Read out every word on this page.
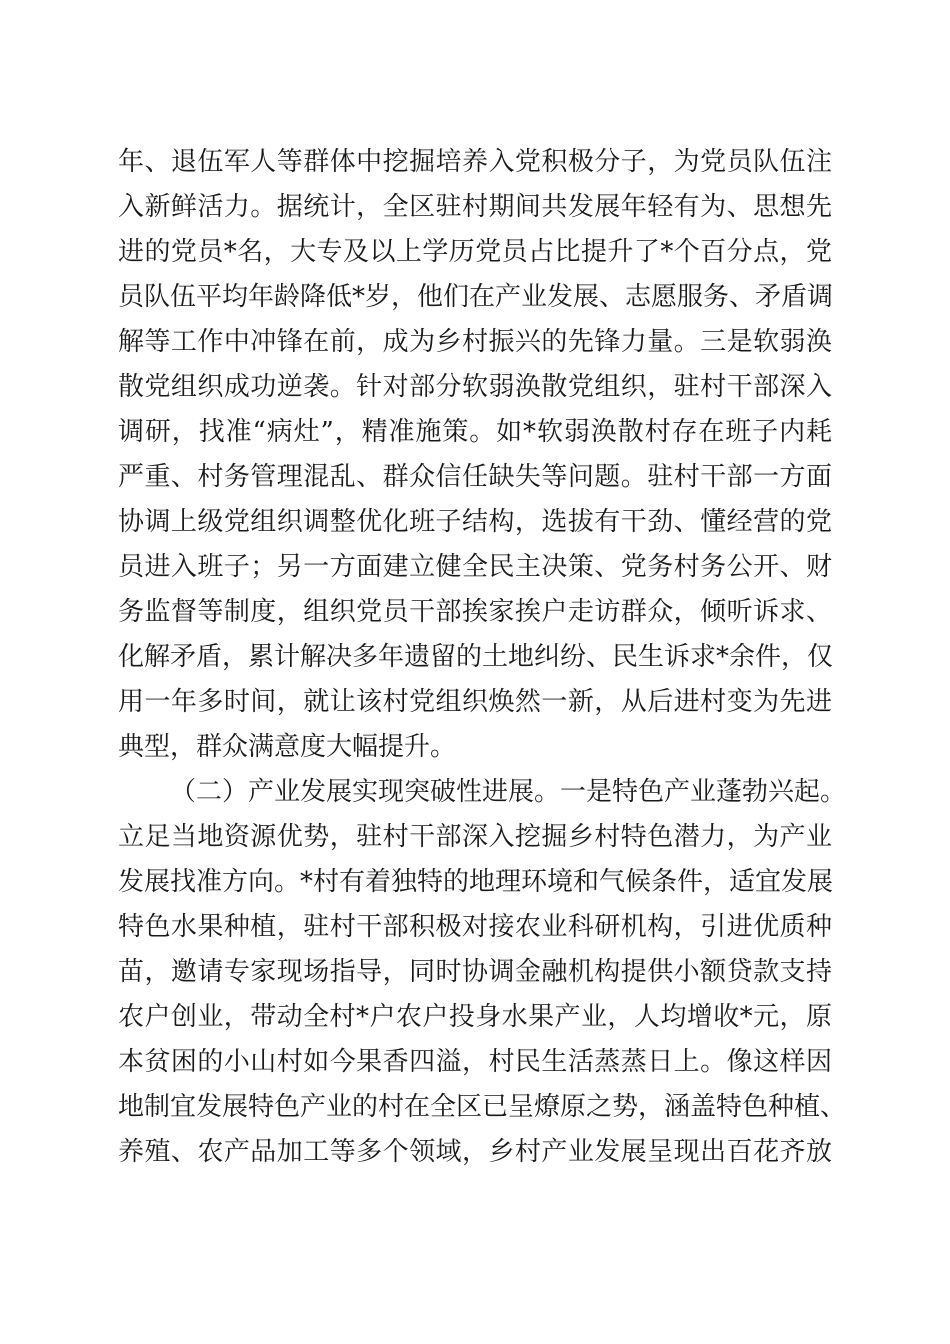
年、退伍军人等群体中挖掘培养入党积极分子，为党员队伍注
入新鲜活力。据统计，全区驻村期间共发展年轻有为、思想先
进的党员*名，大专及以上学历党员占比提升了*个百分点，党
员队伍平均年龄降低*岁，他们在产业发展、志愿服务、矛盾调
解等工作中冲锋在前，成为乡村振兴的先锋力量。三是软弱涣
散党组织成功逆袭。针对部分软弱涣散党组织，驻村干部深入
调研，找准“病灶”，精准施策。如*软弱涣散村存在班子内耗
严重、村务管理混乱、群众信任缺失等问题。驻村干部一方面
协调上级党组织调整优化班子结构，选拔有干劲、懂经营的党
员进入班子；另一方面建立健全民主决策、党务村务公开、财
务监督等制度，组织党员干部挨家挨户走访群众，倾听诉求、
化解矛盾，累计解决多年遗留的土地纠纷、民生诉求*余件，仅
用一年多时间，就让该村党组织焕然一新，从后进村变为先进
典型，群众满意度大幅提升。
（二）产业发展实现突破性进展。一是特色产业蓬勃兴起。
立足当地资源优势，驻村干部深入挖掘乡村特色潜力，为产业
发展找准方向。*村有着独特的地理环境和气候条件，适宜发展
特色水果种植，驻村干部积极对接农业科研机构，引进优质种
苗，邀请专家现场指导，同时协调金融机构提供小额贷款支持
农户创业，带动全村*户农户投身水果产业，人均增收*元，原
本贫困的小山村如今果香四溢，村民生活蒸蒸日上。像这样因
地制宜发展特色产业的村在全区已呈燎原之势，涵盖特色种植、
养殖、农产品加工等多个领域，乡村产业发展呈现出百花齐放
